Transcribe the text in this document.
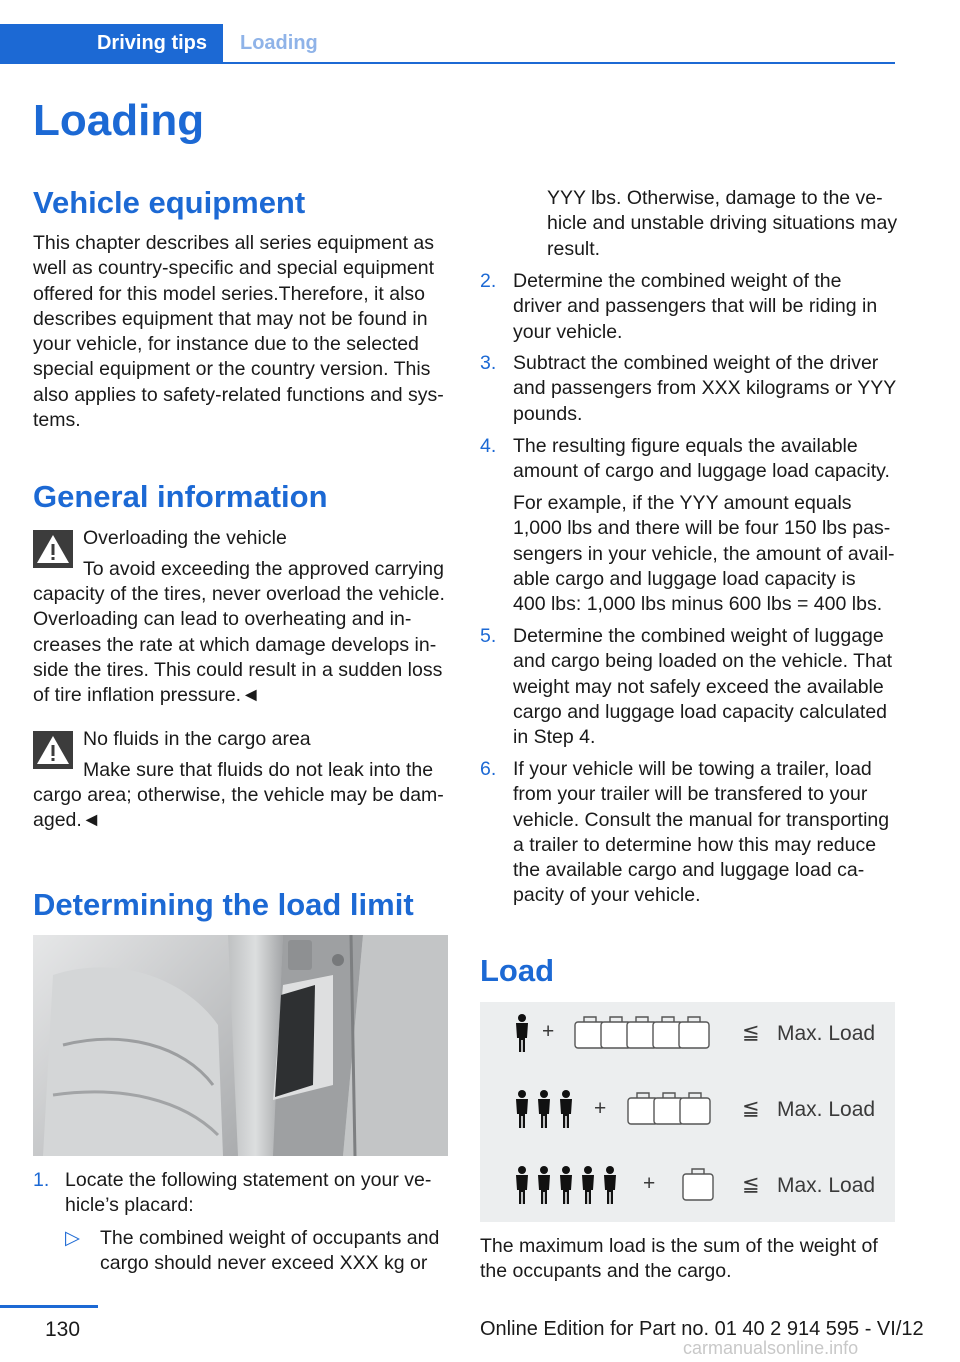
Driving tips	Loading
Loading
Vehicle equipment
This chapter describes all series equipment as
well as country-specific and special equipment
offered for this model series.Therefore, it also
describes equipment that may not be found in
your vehicle, for instance due to the selected
special equipment or the country version. This
also applies to safety-related functions and sys‐
tems.
General information
Overloading the vehicle
To avoid exceeding the approved carrying
capacity of the tires, never overload the vehicle.
Overloading can lead to overheating and in‐
creases the rate at which damage develops in‐
side the tires. This could result in a sudden loss
of tire inflation pressure.◄
No fluids in the cargo area
Make sure that fluids do not leak into the
cargo area; otherwise, the vehicle may be dam‐
aged.◄
Determining the load limit
1. Locate the following statement on your ve‐
hicle’s placard:
▷ The combined weight of occupants and
cargo should never exceed XXX kg or
YYY lbs. Otherwise, damage to the ve‐
hicle and unstable driving situations may
result.
2. Determine the combined weight of the
driver and passengers that will be riding in
your vehicle.
3. Subtract the combined weight of the driver
and passengers from XXX kilograms or YYY
pounds.
4. The resulting figure equals the available
amount of cargo and luggage load capacity.
For example, if the YYY amount equals
1,000 lbs and there will be four 150 lbs pas‐
sengers in your vehicle, the amount of avail‐
able cargo and luggage load capacity is
400 lbs: 1,000 lbs minus 600 lbs = 400 lbs.
5. Determine the combined weight of luggage
and cargo being loaded on the vehicle. That
weight may not safely exceed the available
cargo and luggage load capacity calculated
in Step 4.
6. If your vehicle will be towing a trailer, load
from your trailer will be transfered to your
vehicle. Consult the manual for transporting
a trailer to determine how this may reduce
the available cargo and luggage load ca‐
pacity of your vehicle.
Load
+	≦ Max. Load
+	≦ Max. Load
+	≦ Max. Load
The maximum load is the sum of the weight of
the occupants and the cargo.
130	Online Edition for Part no. 01 40 2 914 595 - VI/12
carmanualsonline.info
